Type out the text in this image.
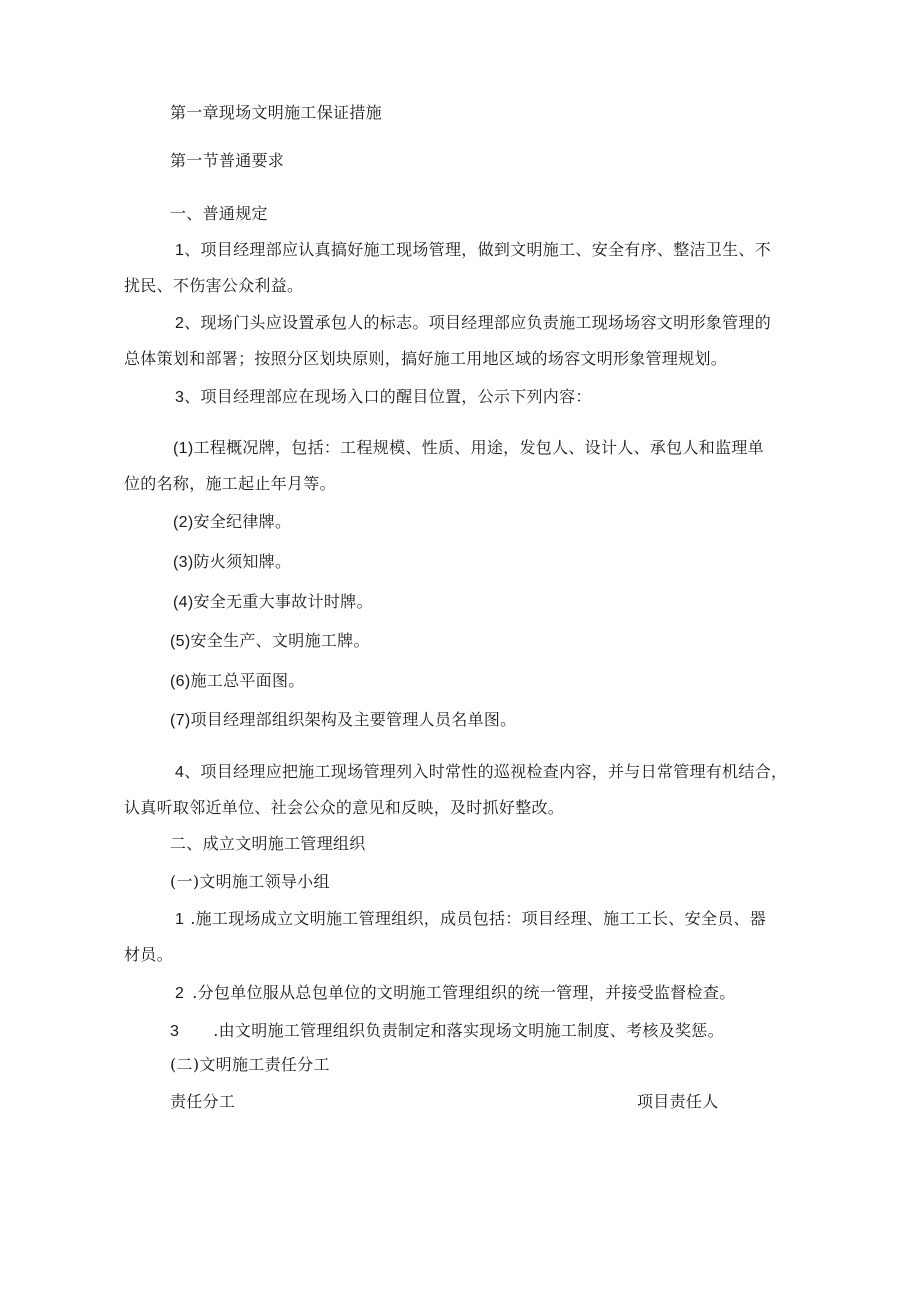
第一章现场文明施工保证措施
第一节普通要求
一、普通规定
1、项目经理部应认真搞好施工现场管理，做到文明施工、安全有序、整洁卫生、不
扰民、不伤害公众利益。
2、现场门头应设置承包人的标志。项目经理部应负责施工现场场容文明形象管理的
总体策划和部署；按照分区划块原则，搞好施工用地区域的场容文明形象管理规划。
3、项目经理部应在现场入口的醒目位置，公示下列内容：
(1)工程概况牌，包括：工程规模、性质、用途，发包人、设计人、承包人和监理单
位的名称，施工起止年月等。
(2)安全纪律牌。
(3)防火须知牌。
(4)安全无重大事故计时牌。
(5)安全生产、文明施工牌。
(6)施工总平面图。
(7)项目经理部组织架构及主要管理人员名单图。
4、项目经理应把施工现场管理列入时常性的巡视检查内容，并与日常管理有机结合，
认真听取邻近单位、社会公众的意见和反映，及时抓好整改。
二、成立文明施工管理组织
(一)文明施工领导小组
1 .施工现场成立文明施工管理组织，成员包括：项目经理、施工工长、安全员、器
材员。
2 .分包单位服从总包单位的文明施工管理组织的统一管理，并接受监督检查。
3 .由文明施工管理组织负责制定和落实现场文明施工制度、考核及奖惩。
(二)文明施工责任分工
责任分工	项目责任人
